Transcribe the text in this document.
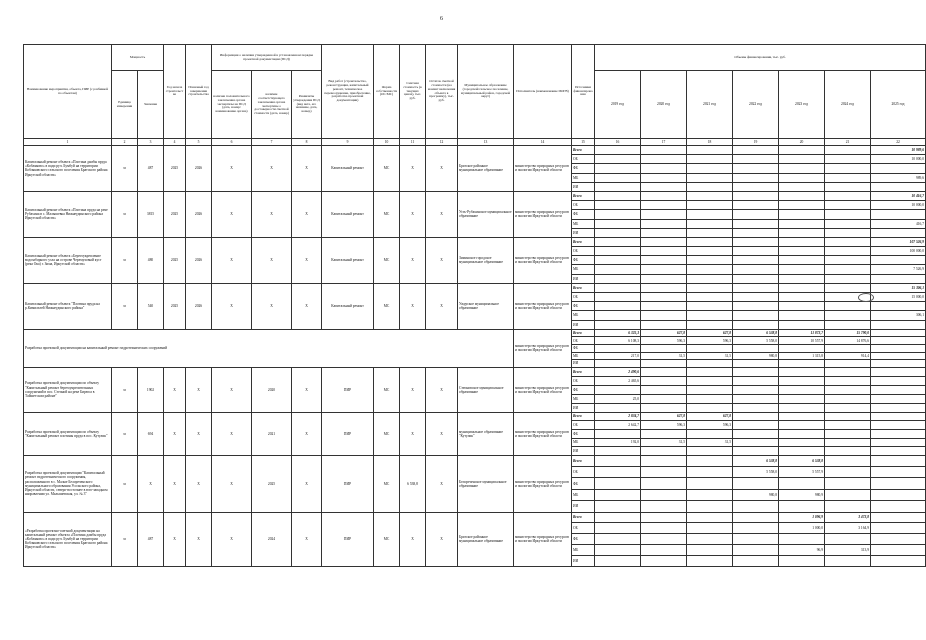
6
Наименование мероприятия, объекта, ПИР (с разбивкой по объектам)	Мощность		Год начала строительства	Плановый год завершения строительства	Информация о наличии утвержденной в установленном порядке проектной документации (ПСД)			Вид работ (строительство, реконструкция, капитальный ремонт, техническое перевооружение, приобретение, разработка проектной документации)	Форма собственности (ОС/МС)	Сметная стоимость (в текущих ценах), тыс. руб.	Остаток сметной стоимости (на момент включения объекта в программу), тыс. руб.	Муниципальное образование (городской/сельское поселение, муниципальный район, городской округ)	Исполнитель (наименование ИОГВ)	Источники финансирования	Объемы финансирования, тыс. руб.						
	Единица измерения	Значение			наличие положительного заключения органа экспертизы на ПСД (дата, номер/ наименование органа)	наличие соответствующего заключения органа экспертизы о достоверности сметной стоимости (дата, номер)	Реквизиты утверждения ПСД (вид акта, его название, дата, номер)								2019 год	2020 год	2021 год	2022 год	2023 год	2024 год	2025 год

1	2	3	4	5	6	7	8	9	10	11	12	13	14	15	16	17	18	19	20	21	22
Капитальный ремонт объекта «Плотина дамбы пруда «Кобляково» в пади руч. Бумбуй на территории Кобляковского сельского поселения Братского района Иркутской области»	м	487	2025	2026	Х	Х	Х	Капитальный ремонт	МС	Х	Х	Братское районное муниципальное образование	министерство природных ресурсов и экологии Иркутской области	Всего							10 989,6
														ОБ							10 000,0
														ФБ							
														МБ							989,6
														ИИ							
Капитальный ремонт объекта «Плотина пруда на реке Рубахина в с. Малышевка Нижнеудинского района Иркутской области»	м	3815	2025	2026	Х	Х	Х	Капитальный ремонт	МС	Х	Х	Усть-Рубахинское муниципальное образование	министерство природных ресурсов и экологии Иркутской области	Всего							10 416,7
														ОБ							10 000,0
														ФБ							
														МБ							416,7
														ИИ							
Капитальный ремонт объекта «Берегоукрепление водозаборного узла на острове Черемуховый куст (река Ока) г. Зима, Иркутской области»	м	480	2025	2026	Х	Х	Х	Капитальный ремонт	МС	Х	Х	Зиминское городское муниципальное образование	министерство природных ресурсов и экологии Иркутской области	Всего							107 526,9
														ОБ							100 000,0
														ФБ							
														МБ							7 526,9
														ИИ							
Капитальный ремонт объекта "Плотина пруда на р.Кимильтей Нижнеудинского района"	м	540	2025	2026	Х	Х	Х	Капитальный ремонт	МС	Х	Х	Ужурское муниципальное образование	министерство природных ресурсов и экологии Иркутской области	Всего							15 306,1
														ОБ							15 000,0
														ФБ							
														МБ							306,1
														ИИ							
Разработка проектной документации на капитальный ремонт гидротехнических сооружений													министерство природных ресурсов и экологии Иркутской области	Всего	6 325,3	627,8	627,8	6 538,8	11 873,7	15 790,0	
														ОБ	6 108,3	596,3	596,3	5 558,0	10 557,9	14 876,6	
														ФБ							
														МБ	217,0	31,5	31,5	980,8	1 315,8	914,4	
														ИИ							
Разработка проектной документации по объекту "Капитальный ремонт берегоукрепительных сооружений в пос. Степной на реке Бирюса в Тайшетском районе"	м	1902	Х	Х	Х	2020	Х	ПИР	МС	Х	Х	Степновское муниципальное образование	министерство природных ресурсов и экологии Иркутской области	Всего	2 490,6						
														ОБ	2 465,6						
														ФБ							
														МБ	25,0						
														ИИ							
Разработка проектной документации по объекту "Капитальный ремонт плотины пруда в пос. Кутулик"	м	694	Х	Х	Х	2021	Х	ПИР	МС	Х	Х	муниципальное образование "Кутулик"	министерство природных ресурсов и экологии Иркутской области	Всего	2 834,7	627,8	627,8				
														ОБ	2 642,7	596,3	596,3				
														ФБ							
														МБ	192,0	31,5	31,5				
														ИИ							
Разработка проектной документации "Капитальный ремонт гидротехнического сооружения, расположенного в с. Малые Белореченского муниципального образования Усольского района, Иркутской области, северо-восточнее в юго-западном направлении ул. Малышевская, ул. № 3"	м	Х	Х	Х	Х	2025	Х	ПИР	МС	6 538,8	Х	Белореченское муниципальное образование	министерство природных ресурсов и экологии Иркутской области	Всего				6 538,8	6 538,8		
														ОБ				5 558,0	5 557,9		
														ФБ							
														МБ				980,8	980,9		
														ИИ							
«Разработка проектно-сметной документации на капитальный ремонт объекта «Плотина дамбы пруда «Кобляково» в пади руч. Бумбуй на территории Кобляковского сельского поселения Братского района Иркутской области»	м	487	Х	Х	Х	2024	Х	ПИР	МС	Х	Х	Братское районное муниципальное образование	министерство природных ресурсов и экологии Иркутской области	Всего					1 096,9	3 473,8	
														ОБ					1 000,0	3 164,9	
														ФБ							
														МБ					96,9	313,9	
														ИИ							
